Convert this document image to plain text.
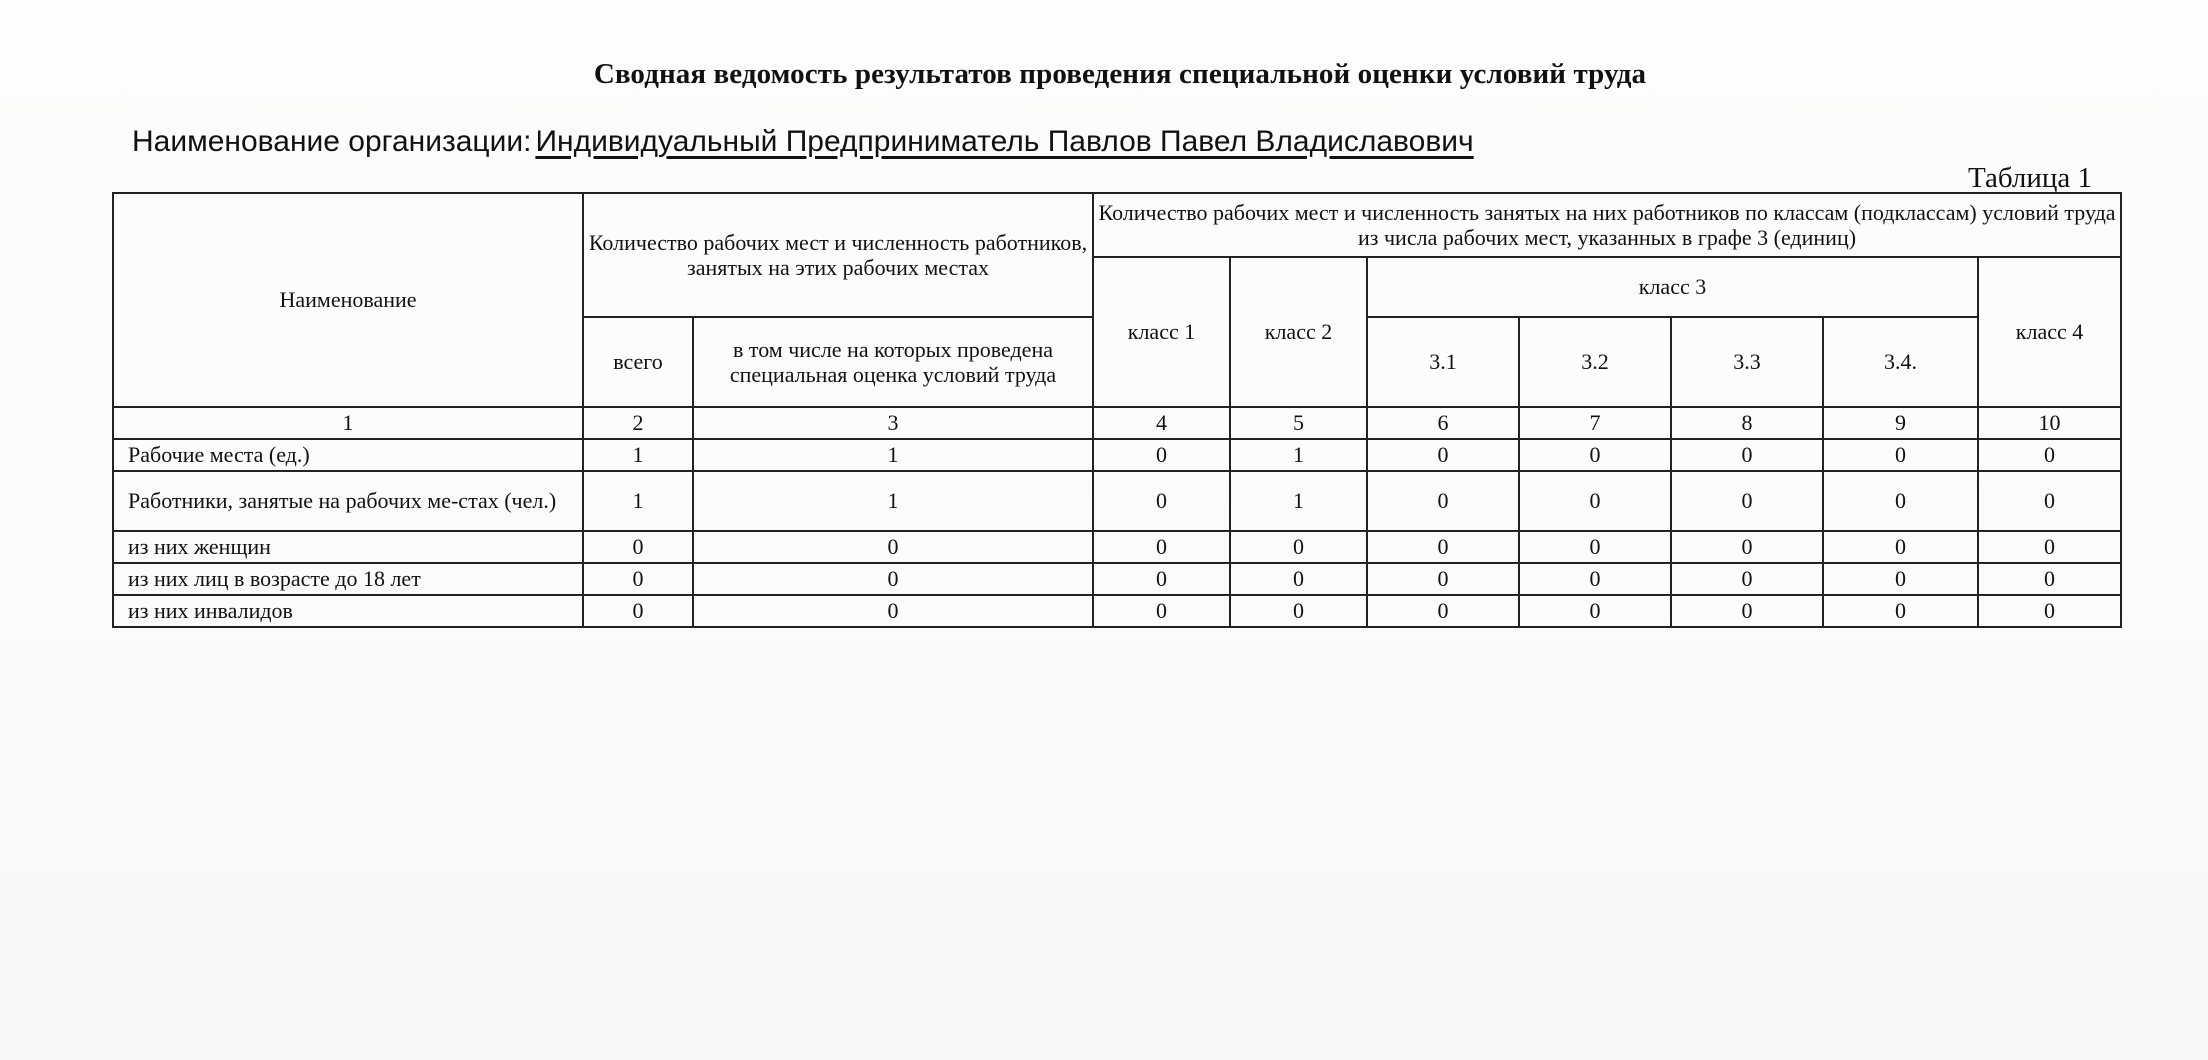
Сводная ведомость результатов проведения специальной оценки условий труда
Наименование организации: Индивидуальный Предприниматель Павлов Павел Владиславович
Таблица 1
Наименование	Количество рабочих мест и численность работников, занятых на этих рабочих местах		Количество рабочих мест и численность занятых на них работников по классам (подклассам) условий труда из числа рабочих мест, указанных в графе 3 (единиц)						
			класс 1	класс 2	класс 3				класс 4
	всего	в том числе на которых проведена специальная оценка условий труда			3.1	3.2	3.3	3.4.	
1	2	3	4	5	6	7	8	9	10
Рабочие места (ед.)	1	1	0	1	0	0	0	0	0
Работники, занятые на рабочих ме-стах (чел.)	1	1	0	1	0	0	0	0	0
из них женщин	0	0	0	0	0	0	0	0	0
из них лиц в возрасте до 18 лет	0	0	0	0	0	0	0	0	0
из них инвалидов	0	0	0	0	0	0	0	0	0
